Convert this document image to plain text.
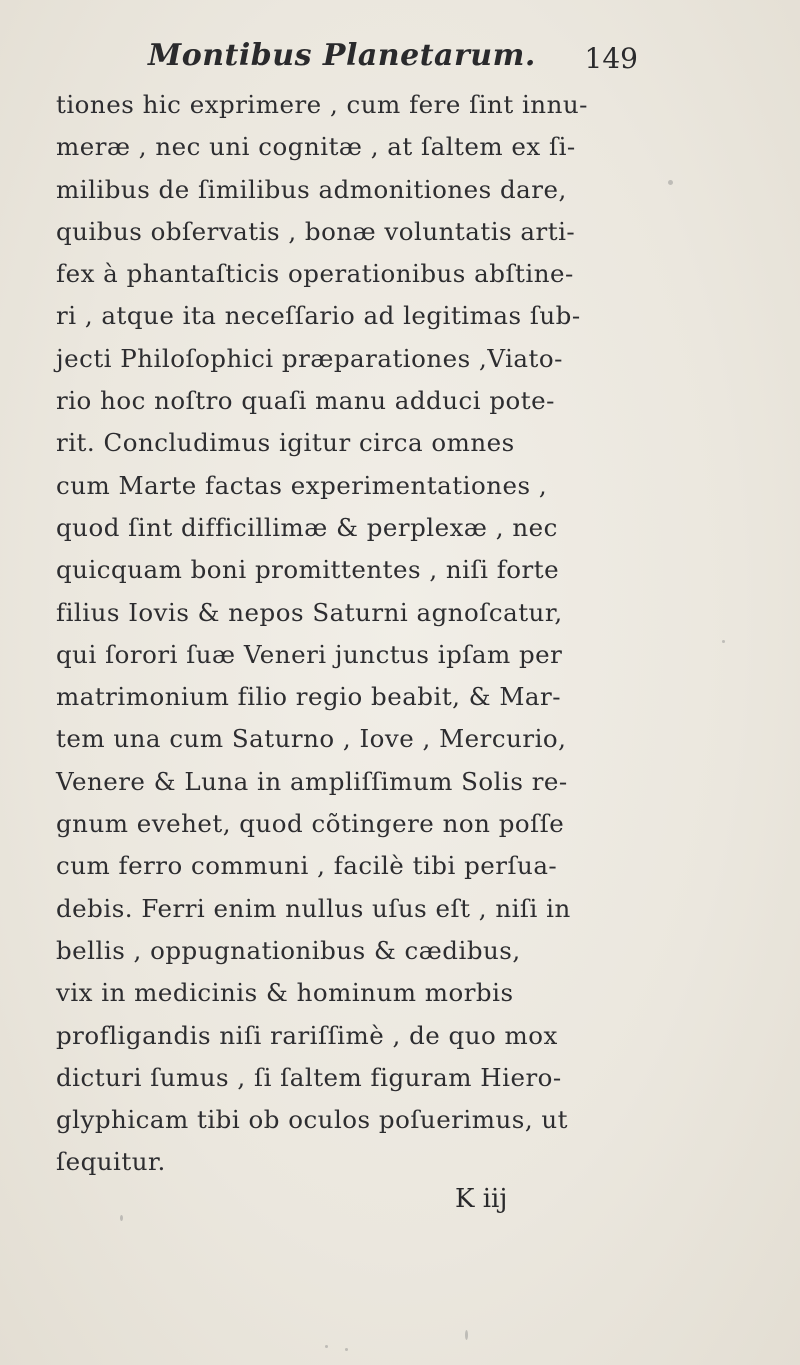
Montibus Planetarum. 149
tiones hic exprimere , cum fere ſint innu-
meræ , nec uni cognitæ , at ſaltem ex ſi-
milibus de ſimilibus admonitiones dare,
quibus obſervatis , bonæ voluntatis arti-
fex à phantaſticis operationibus abſtine-
ri , atque ita neceſſario ad legitimas ſub-
jecti Philoſophici præparationes ,Viato-
rio hoc noſtro quaſi manu adduci pote-
rit. Concludimus igitur circa omnes
cum Marte factas experimentationes ,
quod ſint difficillimæ & perplexæ , nec
quicquam boni promittentes , niſi forte
filius Iovis & nepos Saturni agnoſcatur,
qui ſorori ſuæ Veneri junctus ipſam per
matrimonium filio regio beabit, & Mar-
tem una cum Saturno , Iove , Mercurio,
Venere & Luna in ampliſſimum Solis re-
gnum evehet, quod cõtingere non poſſe
cum ferro communi , facilè tibi perſua-
debis. Ferri enim nullus uſus eſt , niſi in
bellis , oppugnationibus & cædibus,
vix in medicinis & hominum morbis
profligandis niſi rariſſimè , de quo mox
dicturi ſumus , ſi ſaltem figuram Hiero-
glyphicam tibi ob oculos poſuerimus, ut
ſequitur.
K iij
